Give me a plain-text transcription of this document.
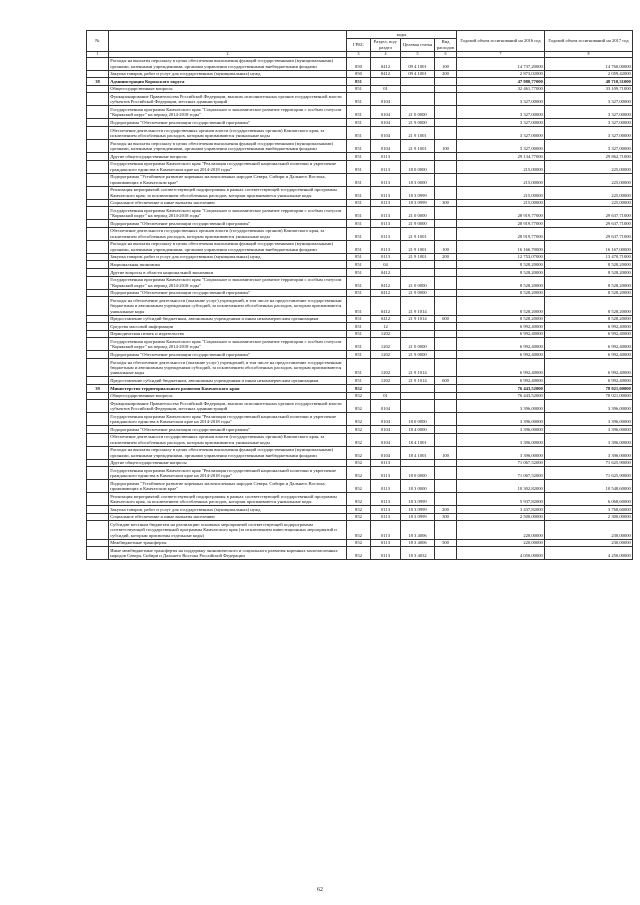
№		коды				Годовой объем ассигнований на 2016 год	Годовой объем ассигнований на 2017 год
		ГРБС	Раздел, под-раздел	Целевая статья	Вид расходов		
1	2	3	4	5	6	7	8
	Расходы на выплаты персоналу в целях обеспечения выполнения функций государственными (муниципальными) органами, казенными учреждениями, органами управления государственными внебюджетными фондами	850	0412	09 4 1001	100	14 737,20000	14 760,00000
	Закупка товаров, работ и услуг для государственных (муниципальных) нужд	850	0412	09 4 1001	200	2 873,02000	2 059,42000
38	Администрация Корякского округа	851				47 980,77000	48 710,31000
	Общегосударственные вопросы	851	01			32 461,77000	33 109,71000
	Функционирование Правительства Российской Федерации, высших исполнительных органов государственной власти субъектов Российской Федерации, местных администраций	851	0104			3 327,00000	3 327,00000
	Государственная программа Камчатского края "Социальное и экономическое развитие территории с особым статусом "Корякский округ" на период 2014-2018 годы"	851	0104	21 0 0000		3 327,00000	3 327,00000
	Подпрограмма "Обеспечение реализации государственной программы"	851	0104	21 9 0000		3 327,00000	3 327,00000
	Обеспечение деятельности государственных органов власти (государственных органов) Камчатского края, за исключением обособленных расходов, которым присваиваются уникальные коды	851	0104	21 9 1001		3 327,00000	3 327,00000
	Расходы на выплаты персоналу в целях обеспечения выполнения функций государственными (муниципальными) органами, казенными учреждениями, органами управления государственными внебюджетными фондами	851	0104	21 9 1001	100	3 327,00000	3 327,00000
	Другие общегосударственные вопросы	851	0113			29 134,77000	29 862,71000
	Государственная программа Камчатского края "Реализация государственной национальной политики и укрепление гражданского единства в Камчатском крае на 2014-2018 годы"	851	0113	18 0 0000		215,00000	225,00000
	Подпрограмма "Устойчивое развитие коренных малочисленных народов Севера, Сибири и Дальнего Востока, проживающих в Камчатском крае"	851	0113	18 3 0000		215,00000	225,00000
	Реализация мероприятий соответствующей подпрограммы в рамках соответствующей государственной программы Камчатского края, за исключением обособленных расходов, которым присваиваются уникальные коды	851	0113	18 3 0999		215,00000	225,00000
	Социальное обеспечение и иные выплаты населению	851	0113	18 3 0999	300	215,00000	225,00000
	Государственная программа Камчатского края "Социальное и экономическое развитие территории с особым статусом "Корякский округ" на период 2014-2018 годы"	851	0113	21 0 0000		28 919,77000	29 637,71000
	Подпрограмма "Обеспечение реализации государственной программы"	851	0113	21 9 0000		28 919,77000	29 637,71000
	Обеспечение деятельности государственных органов власти (государственных органов) Камчатского края, за исключением обособленных расходов, которым присваиваются уникальные коды	851	0113	21 9 1001		28 919,77000	29 637,71000
	Расходы на выплаты персоналу в целях обеспечения выполнения функций государственными (муниципальными) органами, казенными учреждениями, органами управления государственными внебюджетными фондами	851	0113	21 9 1001	100	16 166,70000	16 167,00000
	Закупка товаров, работ и услуг для государственных (муниципальных) нужд	851	0113	21 9 1001	200	12 753,07000	13 470,71000
	Национальная экономика	851	04			8 528,20000	8 528,20000
	Другие вопросы в области национальной экономики	851	0412			8 528,20000	8 528,20000
	Государственная программа Камчатского края "Социальное и экономическое развитие территории с особым статусом "Корякский округ" на период 2014-2018 годы"	851	0412	21 0 0000		8 528,20000	8 528,20000
	Подпрограмма "Обеспечение реализации государственной программы"	851	0412	21 9 0000		8 528,20000	8 528,20000
	Расходы на обеспечение деятельности (оказание услуг) учреждений, в том числе на предоставление государственным бюджетным и автономным учреждениям субсидий, за исключением обособленных расходов, которым присваиваются уникальные коды	851	0412	21 9 1014		8 528,20000	8 528,20000
	Предоставление субсидий бюджетным, автономным учреждениям и иным некоммерческим организациям	851	0412	21 9 1014	600	8 528,20000	8 528,20000
	Средства массовой информации	851	12			6 992,40000	6 992,40000
	Периодическая печать и издательства	851	1202			6 992,40000	6 992,40000
	Государственная программа Камчатского края "Социальное и экономическое развитие территории с особым статусом "Корякский округ" на период 2014-2018 годы"	851	1202	21 0 0000		6 992,40000	6 992,40000
	Подпрограмма "Обеспечение реализации государственной программы"	851	1202	21 9 0000		6 992,40000	6 992,40000
	Расходы на обеспечение деятельности (оказание услуг) учреждений, в том числе на предоставление государственным бюджетным и автономным учреждениям субсидий, за исключением обособленных расходов, которым присваиваются уникальные коды	851	1202	21 9 1014		6 992,40000	6 992,40000
	Предоставление субсидий бюджетным, автономным учреждениям и иным некоммерческим организациям	851	1202	21 9 1014	600	6 992,40000	6 992,40000
39	Министерство территориального развития Камчатского края	852				76 443,52000	78 021,00000
	Общегосударственные вопросы	852	01			76 443,52000	78 021,00000
	Функционирование Правительства Российской Федерации, высших исполнительных органов государственной власти субъектов Российской Федерации, местных администраций	852	0104			3 396,00000	3 396,00000
	Государственная программа Камчатского края "Реализация государственной национальной политики и укрепление гражданского единства в Камчатском крае на 2014-2018 годы"	852	0104	18 0 0000		3 396,00000	3 396,00000
	Подпрограмма "Обеспечение реализации государственной программы"	852	0104	18 4 0000		3 396,00000	3 396,00000
	Обеспечение деятельности государственных органов власти (государственных органов) Камчатского края, за исключением обособленных расходов, которым присваиваются уникальные коды	852	0104	18 4 1001		3 396,00000	3 396,00000
	Расходы на выплаты персоналу в целях обеспечения выполнения функций государственными (муниципальными) органами, казенными учреждениями, органами управления государственными внебюджетными фондами	852	0104	18 4 1001	100	3 396,00000	3 396,00000
	Другие общегосударственные вопросы	852	0113			71 067,52000	71 625,90000
	Государственная программа Камчатского края "Реализация государственной национальной политики и укрепление гражданского единства в Камчатском крае на 2014-2018 годы"	852	0113	18 0 0000		71 067,52000	71 625,90000
	Подпрограмма "Устойчивое развитие коренных малочисленных народов Севера, Сибири и Дальнего Востока, проживающих в Камчатском крае"	852	0113	18 3 0000		10 302,82000	10 548,60000
	Реализация мероприятий соответствующей подпрограммы в рамках соответствующей государственной программы Камчатского края, за исключением обособленных расходов, которым присваиваются уникальные коды	852	0113	18 3 0999		5 937,82000	6 068,60000
	Закупка товаров, работ и услуг для государственных (муниципальных) нужд	852	0113	18 3 0999	200	3 437,82000	3 768,60000
	Социальное обеспечение и иные выплаты населению	852	0113	18 3 0999	300	2 500,00000	2 300,00000
	Субсидии местным бюджетам на реализацию основных мероприятий соответствующей подпрограммы соответствующей государственной программы Камчатского края (за исключением инвестиционных мероприятий и субсидий, которым присвоены отдельные коды)	852	0113	18 3 4006		220,00000	230,00000
	Межбюджетные трансферты	852	0113	18 3 4006	500	220,00000	230,00000
	Иные межбюджетные трансферты на поддержку экономического и социального развития коренных малочисленных народов Севера, Сибири и Дальнего Востока Российской Федерации	852	0113	18 3 4032		4 050,00000	4 250,00000
62
